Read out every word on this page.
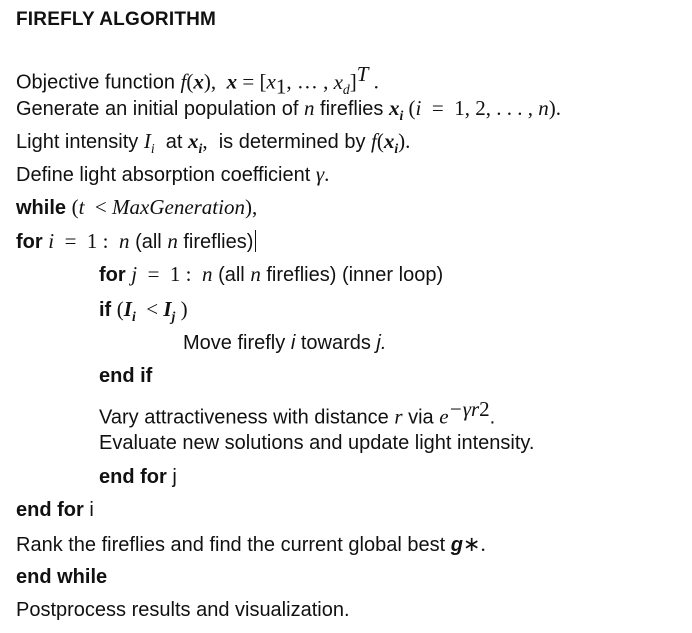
FIREFLY ALGORITHM
Objective function f(x),  $x = [x_1$, … , $x_d]^T$ .
Generate an initial population of n fireflies $x_i$ (i  =  1, 2, . . . , n).
Light intensity $I_i$ at $x_i$, is determined by $f(x_i)$.
Define light absorption coefficient γ.
while (t  < MaxGeneration),
for i  =  1 :  n (all n fireflies)
for j  =  1 :  n (all n fireflies) (inner loop)
if ($I_i < I_j$ )
Move firefly i towards j.
end if
Vary attractiveness with distance r via $e^{-\gamma r2}$.
Evaluate new solutions and update light intensity.
end for j
end for i
Rank the fireflies and find the current global best g∗.
end while
Postprocess results and visualization.
